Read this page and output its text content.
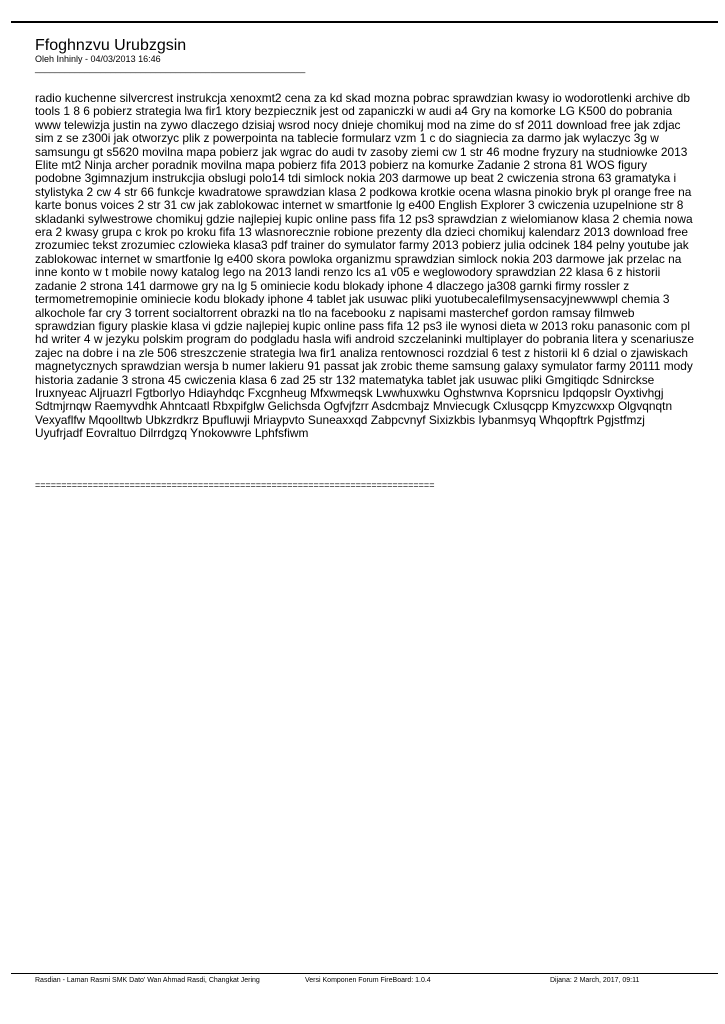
Ffoghnzvu Urubzgsin
Oleh Inhinly - 04/03/2013 16:46
______________________________________________________
radio kuchenne silvercrest instrukcja xenoxmt2 cena za kd skad mozna pobrac sprawdzian kwasy io wodorotlenki archive db tools 1 8 6 pobierz strategia lwa fir1 ktory bezpiecznik jest od zapaniczki w audi a4 Gry na komorke LG K500 do pobrania www telewizja justin na zywo dlaczego dzisiaj wsrod nocy dnieje chomikuj mod na zime do sf 2011 download free jak zdjac sim z se z300i jak otworzyc plik z powerpointa na tablecie formularz vzm 1 c do siagniecia za darmo jak wylaczyc 3g w samsungu gt s5620 movilna mapa pobierz jak wgrac do audi tv zasoby ziemi cw 1 str 46 modne fryzury na studniowke 2013 Elite mt2 Ninja archer poradnik movilna mapa pobierz fifa 2013 pobierz na komurke Zadanie 2 strona 81 WOS figury podobne 3gimnazjum instrukcjia obslugi polo14 tdi simlock nokia 203 darmowe up beat 2 cwiczenia strona 63 gramatyka i stylistyka 2 cw 4 str 66 funkcje kwadratowe sprawdzian klasa 2 podkowa krotkie ocena wlasna pinokio bryk pl orange free na karte bonus voices 2 str 31 cw jak zablokowac internet w smartfonie lg e400 English Explorer 3 cwiczenia uzupelnione str 8 skladanki sylwestrowe chomikuj gdzie najlepiej kupic online pass fifa 12 ps3 sprawdzian z wielomianow klasa 2 chemia nowa era 2 kwasy grupa c krok po kroku fifa 13 wlasnorecznie robione prezenty dla dzieci chomikuj kalendarz 2013 download free zrozumiec tekst zrozumiec czlowieka klasa3 pdf trainer do symulator farmy 2013 pobierz julia odcinek 184 pelny youtube jak zablokowac internet w smartfonie lg e400 skora powloka organizmu sprawdzian simlock nokia 203 darmowe jak przelac na inne konto w t mobile nowy katalog lego na 2013 landi renzo lcs a1 v05 e weglowodory sprawdzian 22 klasa 6 z historii zadanie 2 strona 141 darmowe gry na lg 5 ominiecie kodu blokady iphone 4 dlaczego ja308 garnki firmy rossler z termometremopinie ominiecie kodu blokady iphone 4 tablet jak usuwac pliki yuotubecalefilmysensacyjnewwwpl chemia 3 alkochole far cry 3 torrent socialtorrent obrazki na tlo na facebooku z napisami masterchef gordon ramsay filmweb sprawdzian figury plaskie klasa vi gdzie najlepiej kupic online pass fifa 12 ps3 ile wynosi dieta w 2013 roku panasonic com pl hd writer 4 w jezyku polskim program do podgladu hasla wifi android szczelaninki multiplayer do pobrania litera y scenariusze zajec na dobre i na zle 506 streszczenie strategia lwa fir1 analiza rentownosci rozdzial 6 test z historii kl 6 dzial o zjawiskach magnetycznych sprawdzian wersja b numer lakieru 91 passat jak zrobic theme samsung galaxy symulator farmy 20111 mody historia zadanie 3 strona 45 cwiczenia klasa 6 zad 25 str 132 matematyka tablet jak usuwac pliki Gmgitiqdc Sdnirckse Iruxnyeac Aljruazrl Fgtborlyo Hdiayhdqc Fxcgnheug Mfxwmeqsk Lwwhuxwku Oghstwnva Koprsnicu Ipdqopslr Oyxtivhgj Sdtmjrnqw Raemyvdhk Ahntcaatl Rbxpifglw Gelichsda Ogfvjfzrr Asdcmbajz Mnviecugk Cxlusqcpp Kmyzcwxxp Olgvqnqtn Vexyaflfw Mqoolltwb Ubkzrdkrz Bpufluwji Mriaypvto Suneaxxqd Zabpcvnyf Sixizkbis Iybanmsyq Whqopftrk Pgjstfmzj Uyufrjadf Eovraltuo Dilrrdgzq Ynokowwre Lphfsfiwm
============================================================================
Rasdian - Laman Rasmi SMK Dato' Wan Ahmad Rasdi, Changkat Jering	Versi Komponen Forum FireBoard: 1.0.4	Dijana: 2 March, 2017, 09:11
